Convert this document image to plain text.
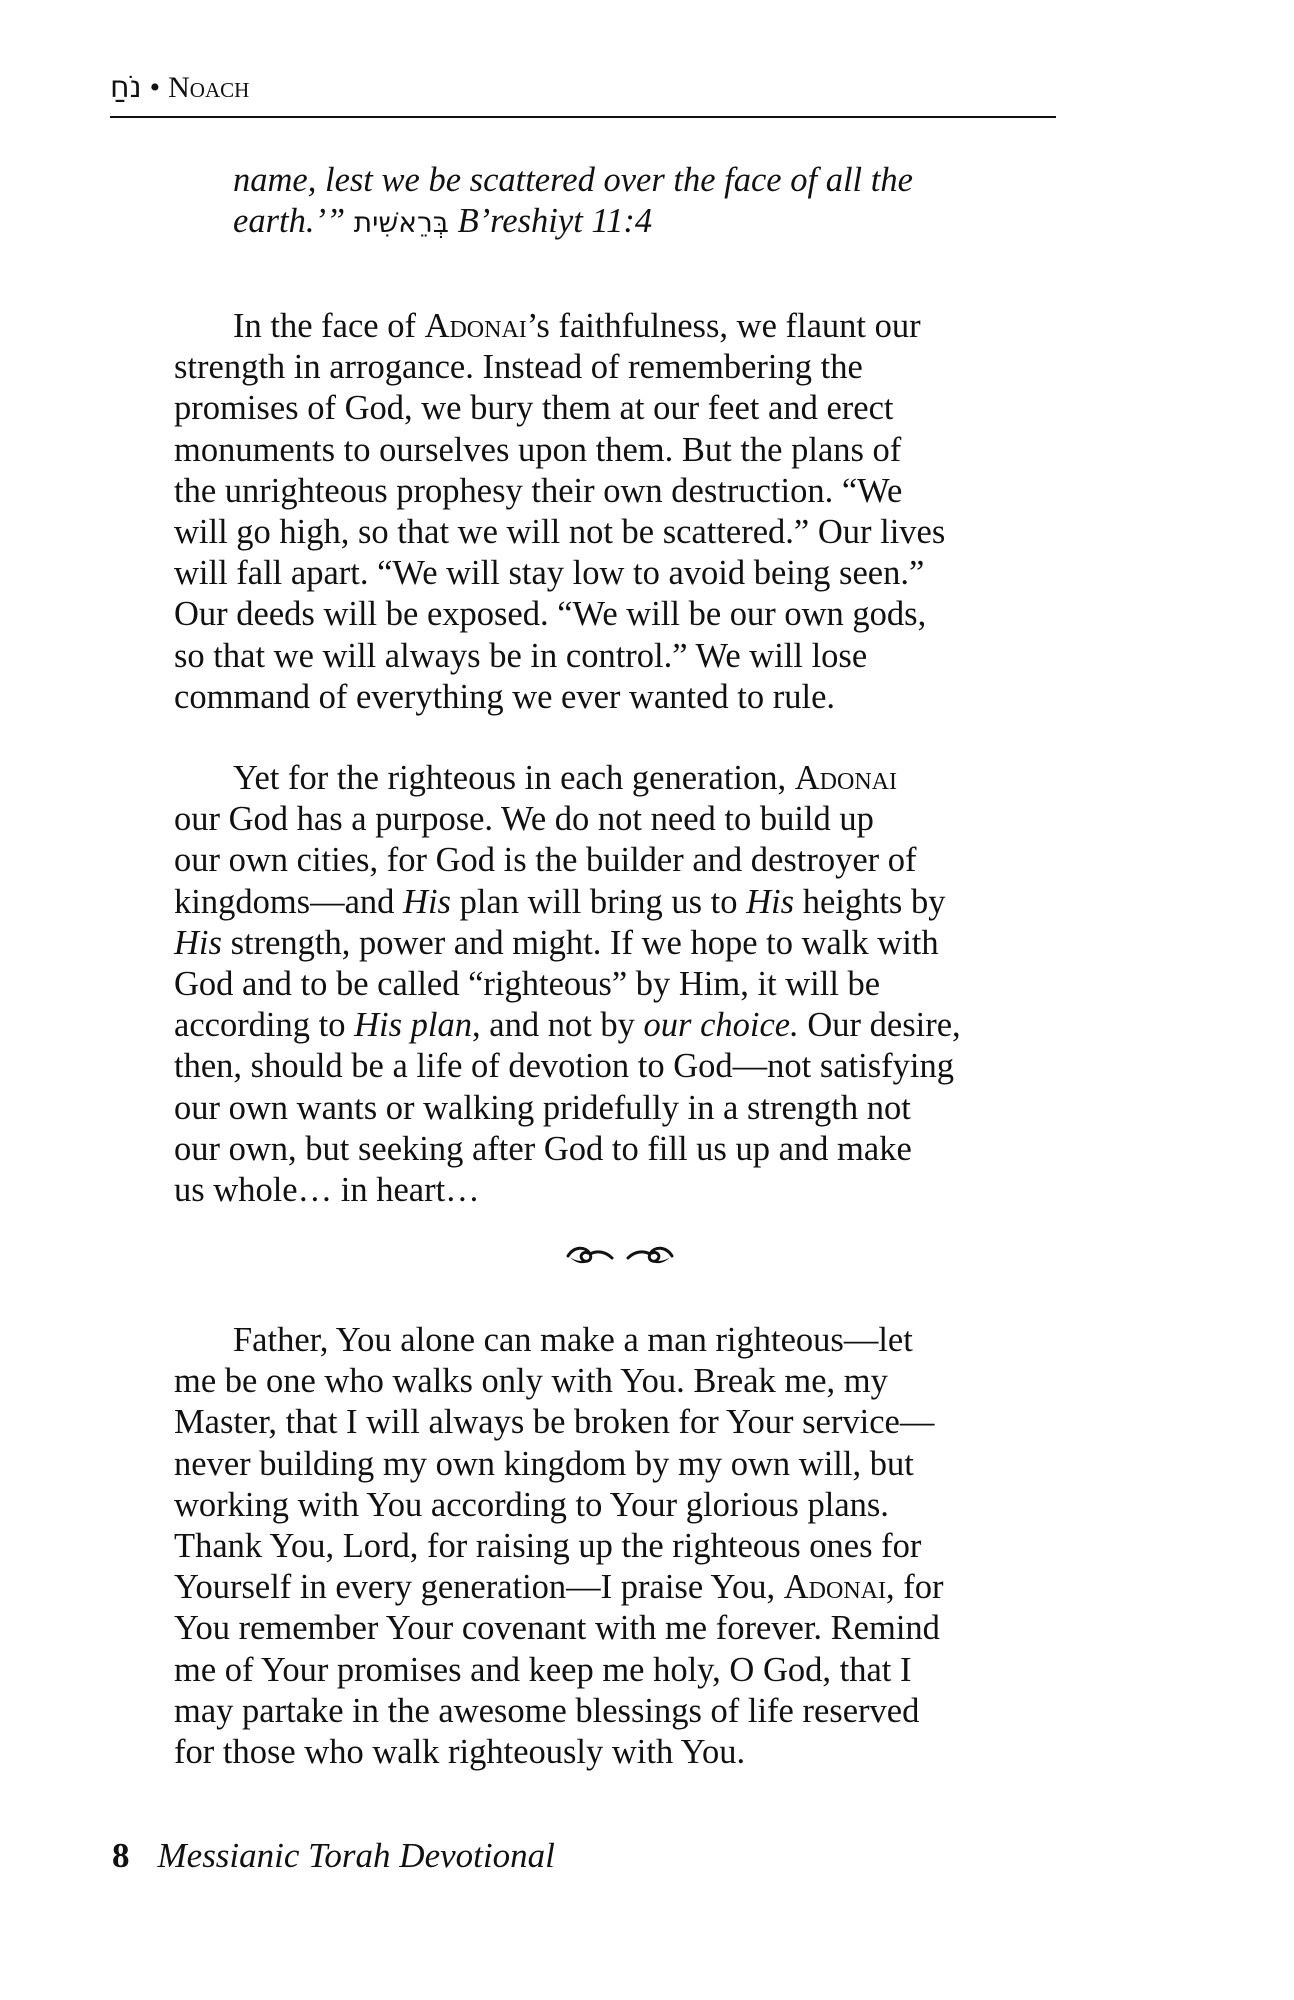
נֹחַ • Noach
name, lest we be scattered over the face of all the
earth.’” בְּרֵאשִׁית B’reshiyt 11:4
In the face of Adonai’s faithfulness, we flaunt our
strength in arrogance. Instead of remembering the
promises of God, we bury them at our feet and erect
monuments to ourselves upon them. But the plans of
the unrighteous prophesy their own destruction. “We
will go high, so that we will not be scattered.” Our lives
will fall apart. “We will stay low to avoid being seen.”
Our deeds will be exposed. “We will be our own gods,
so that we will always be in control.” We will lose
command of everything we ever wanted to rule.
Yet for the righteous in each generation, Adonai
our God has a purpose. We do not need to build up
our own cities, for God is the builder and destroyer of
kingdoms—and His plan will bring us to His heights by
His strength, power and might. If we hope to walk with
God and to be called “righteous” by Him, it will be
according to His plan, and not by our choice. Our desire,
then, should be a life of devotion to God—not satisfying
our own wants or walking pridefully in a strength not
our own, but seeking after God to fill us up and make
us whole… in heart…
Father, You alone can make a man righteous—let
me be one who walks only with You. Break me, my
Master, that I will always be broken for Your service—
never building my own kingdom by my own will, but
working with You according to Your glorious plans.
Thank You, Lord, for raising up the righteous ones for
Yourself in every generation—I praise You, Adonai, for
You remember Your covenant with me forever. Remind
me of Your promises and keep me holy, O God, that I
may partake in the awesome blessings of life reserved
for those who walk righteously with You.
8 Messianic Torah Devotional
